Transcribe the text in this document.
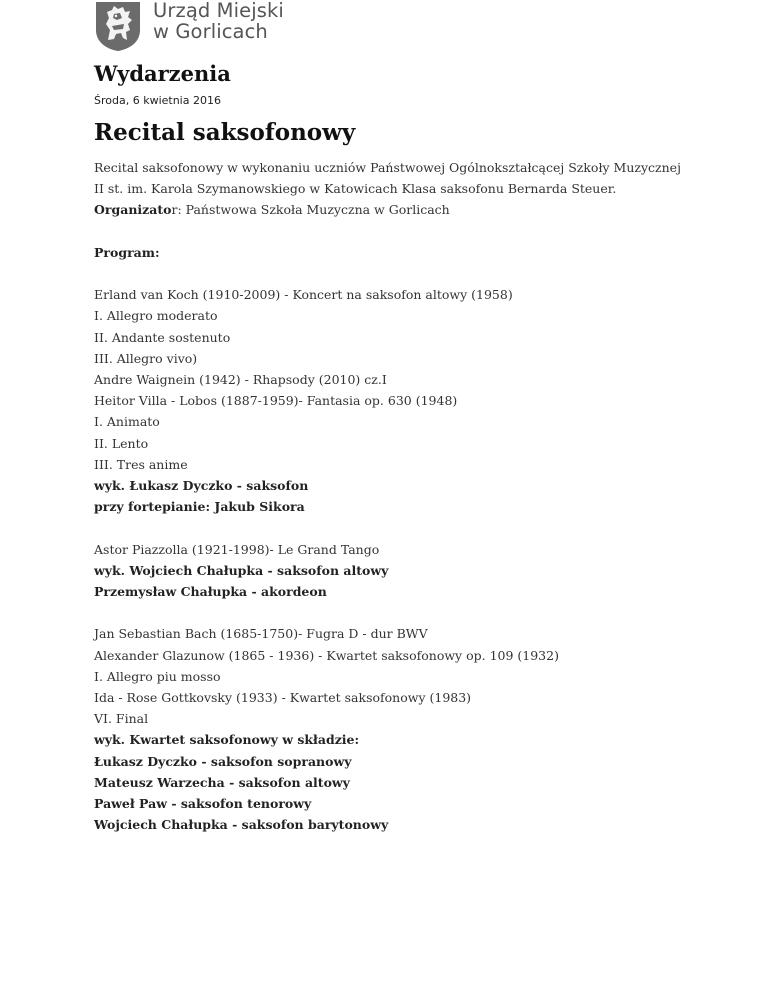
Urząd Miejski
w Gorlicach
Wydarzenia
Środa, 6 kwietnia 2016
Recital saksofonowy
Recital saksofonowy w wykonaniu uczniów Państwowej Ogólnokształcącej Szkoły Muzycznej
II st. im. Karola Szymanowskiego w Katowicach Klasa saksofonu Bernarda Steuer.
Organizator: Państwowa Szkoła Muzyczna w Gorlicach
Program:
Erland van Koch (1910-2009) - Koncert na saksofon altowy (1958)
I. Allegro moderato
II. Andante sostenuto
III. Allegro vivo)
Andre Waignein (1942) - Rhapsody (2010) cz.I
Heitor Villa - Lobos (1887-1959)- Fantasia op. 630 (1948)
I. Animato
II. Lento
III. Tres anime
wyk. Łukasz Dyczko - saksofon
przy fortepianie: Jakub Sikora
Astor Piazzolla (1921-1998)- Le Grand Tango
wyk. Wojciech Chałupka - saksofon altowy
Przemysław Chałupka - akordeon
Jan Sebastian Bach (1685-1750)- Fugra D - dur BWV
Alexander Glazunow (1865 - 1936) - Kwartet saksofonowy op. 109 (1932)
I. Allegro piu mosso
Ida - Rose Gottkovsky (1933) - Kwartet saksofonowy (1983)
VI. Final
wyk. Kwartet saksofonowy w składzie:
Łukasz Dyczko - saksofon sopranowy
Mateusz Warzecha - saksofon altowy
Paweł Paw - saksofon tenorowy
Wojciech Chałupka - saksofon barytonowy
